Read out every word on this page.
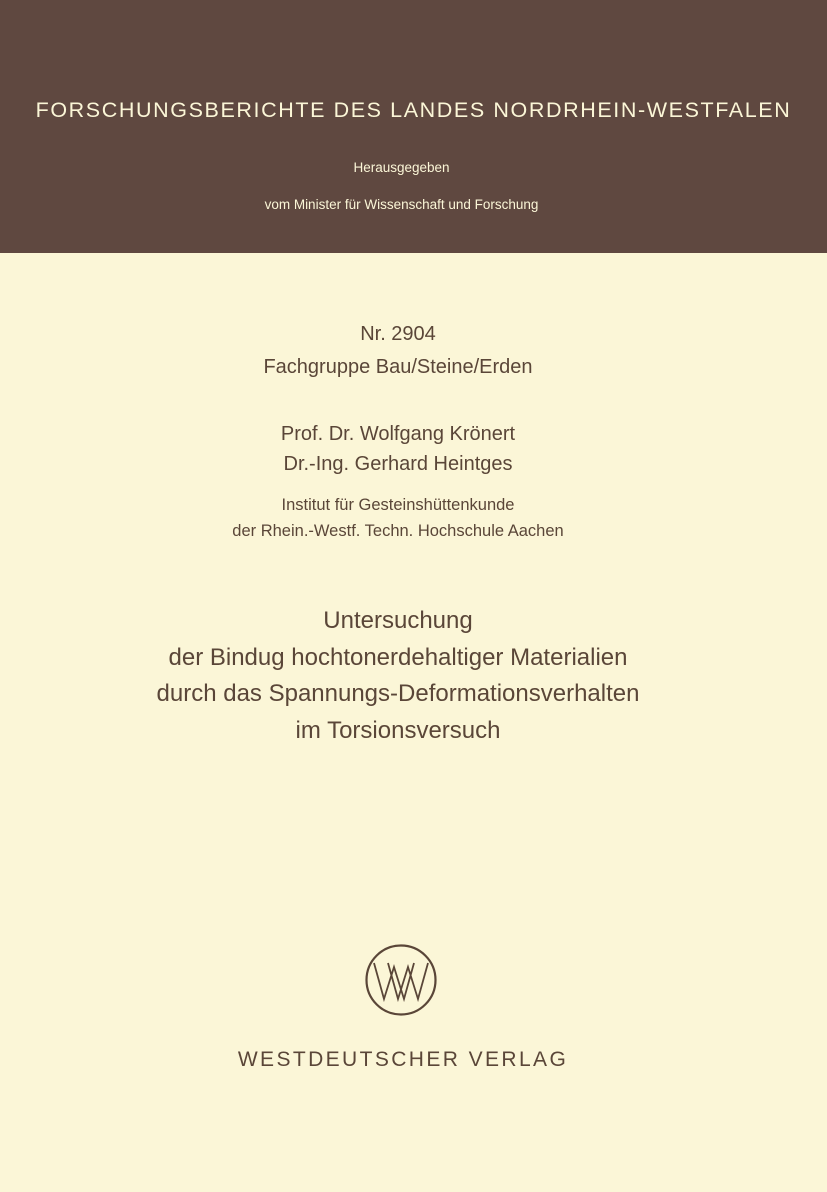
FORSCHUNGSBERICHTE DES LANDES NORDRHEIN-WESTFALEN
Herausgegeben
vom Minister für Wissenschaft und Forschung
Nr. 2904
Fachgruppe Bau/Steine/Erden
Prof. Dr. Wolfgang Krönert
Dr.-Ing. Gerhard Heintges
Institut für Gesteinshüttenkunde
der Rhein.-Westf. Techn. Hochschule Aachen
Untersuchung
der Bindug hochtonerdehaltiger Materialien
durch das Spannungs-Deformationsverhalten
im Torsionsversuch
WESTDEUTSCHER VERLAG
